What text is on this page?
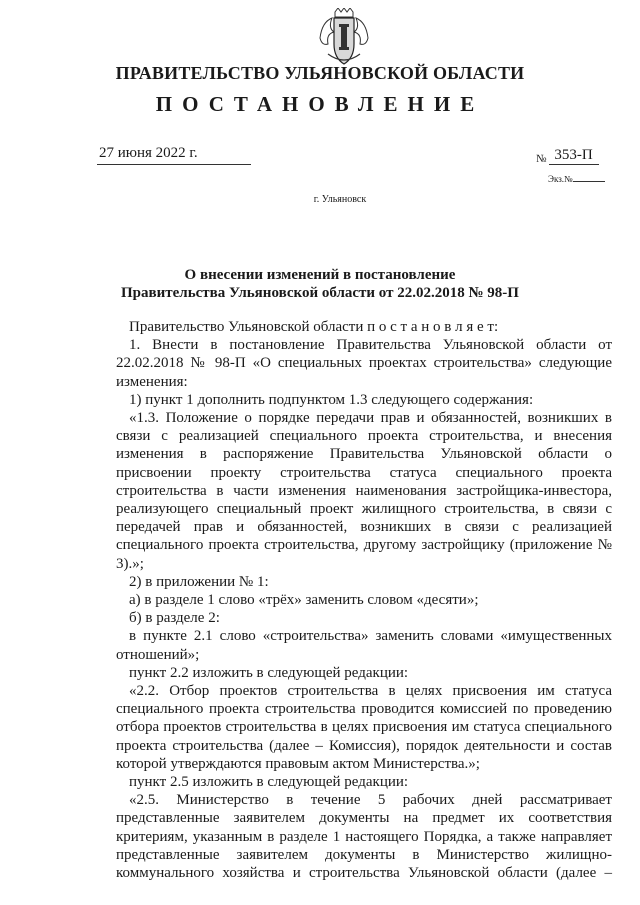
ПРАВИТЕЛЬСТВО УЛЬЯНОВСКОЙ ОБЛАСТИ
ПОСТАНОВЛЕНИЕ
27 июня 2022 г.	№ 353-П
Экз.№
г. Ульяновск
О внесении изменений в постановление
Правительства Ульяновской области от 22.02.2018 № 98-П

Правительство Ульяновской области п о с т а н о в л я е т:

1. Внести в постановление Правительства Ульяновской области от 22.02.2018 № 98-П «О специальных проектах строительства» следующие изменения:

1) пункт 1 дополнить подпунктом 1.3 следующего содержания:

«1.3. Положение о порядке передачи прав и обязанностей, возникших в связи с реализацией специального проекта строительства, и внесения изменения в распоряжение Правительства Ульяновской области о присвоении проекту строительства статуса специального проекта строительства в части изменения наименования застройщика-инвестора, реализующего специальный проект жилищного строительства, в связи с передачей прав и обязанностей, возникших в связи с реализацией специального проекта строительства, другому застройщику (приложение № 3).»;

2) в приложении № 1:

а) в разделе 1 слово «трёх» заменить словом «десяти»;

б) в разделе 2:

в пункте 2.1 слово «строительства» заменить словами «имущественных отношений»;

пункт 2.2 изложить в следующей редакции:

«2.2. Отбор проектов строительства в целях присвоения им статуса специального проекта строительства проводится комиссией по проведению отбора проектов строительства в целях присвоения им статуса специального проекта строительства (далее – Комиссия), порядок деятельности и состав которой утверждаются правовым актом Министерства.»;

пункт 2.5 изложить в следующей редакции:

«2.5. Министерство в течение 5 рабочих дней рассматривает представленные заявителем документы на предмет их соответствия критериям, указанным в разделе 1 настоящего Порядка, а также направляет представленные заявителем документы в Министерство жилищно-коммунального хозяйства и строительства Ульяновской области (далее –
